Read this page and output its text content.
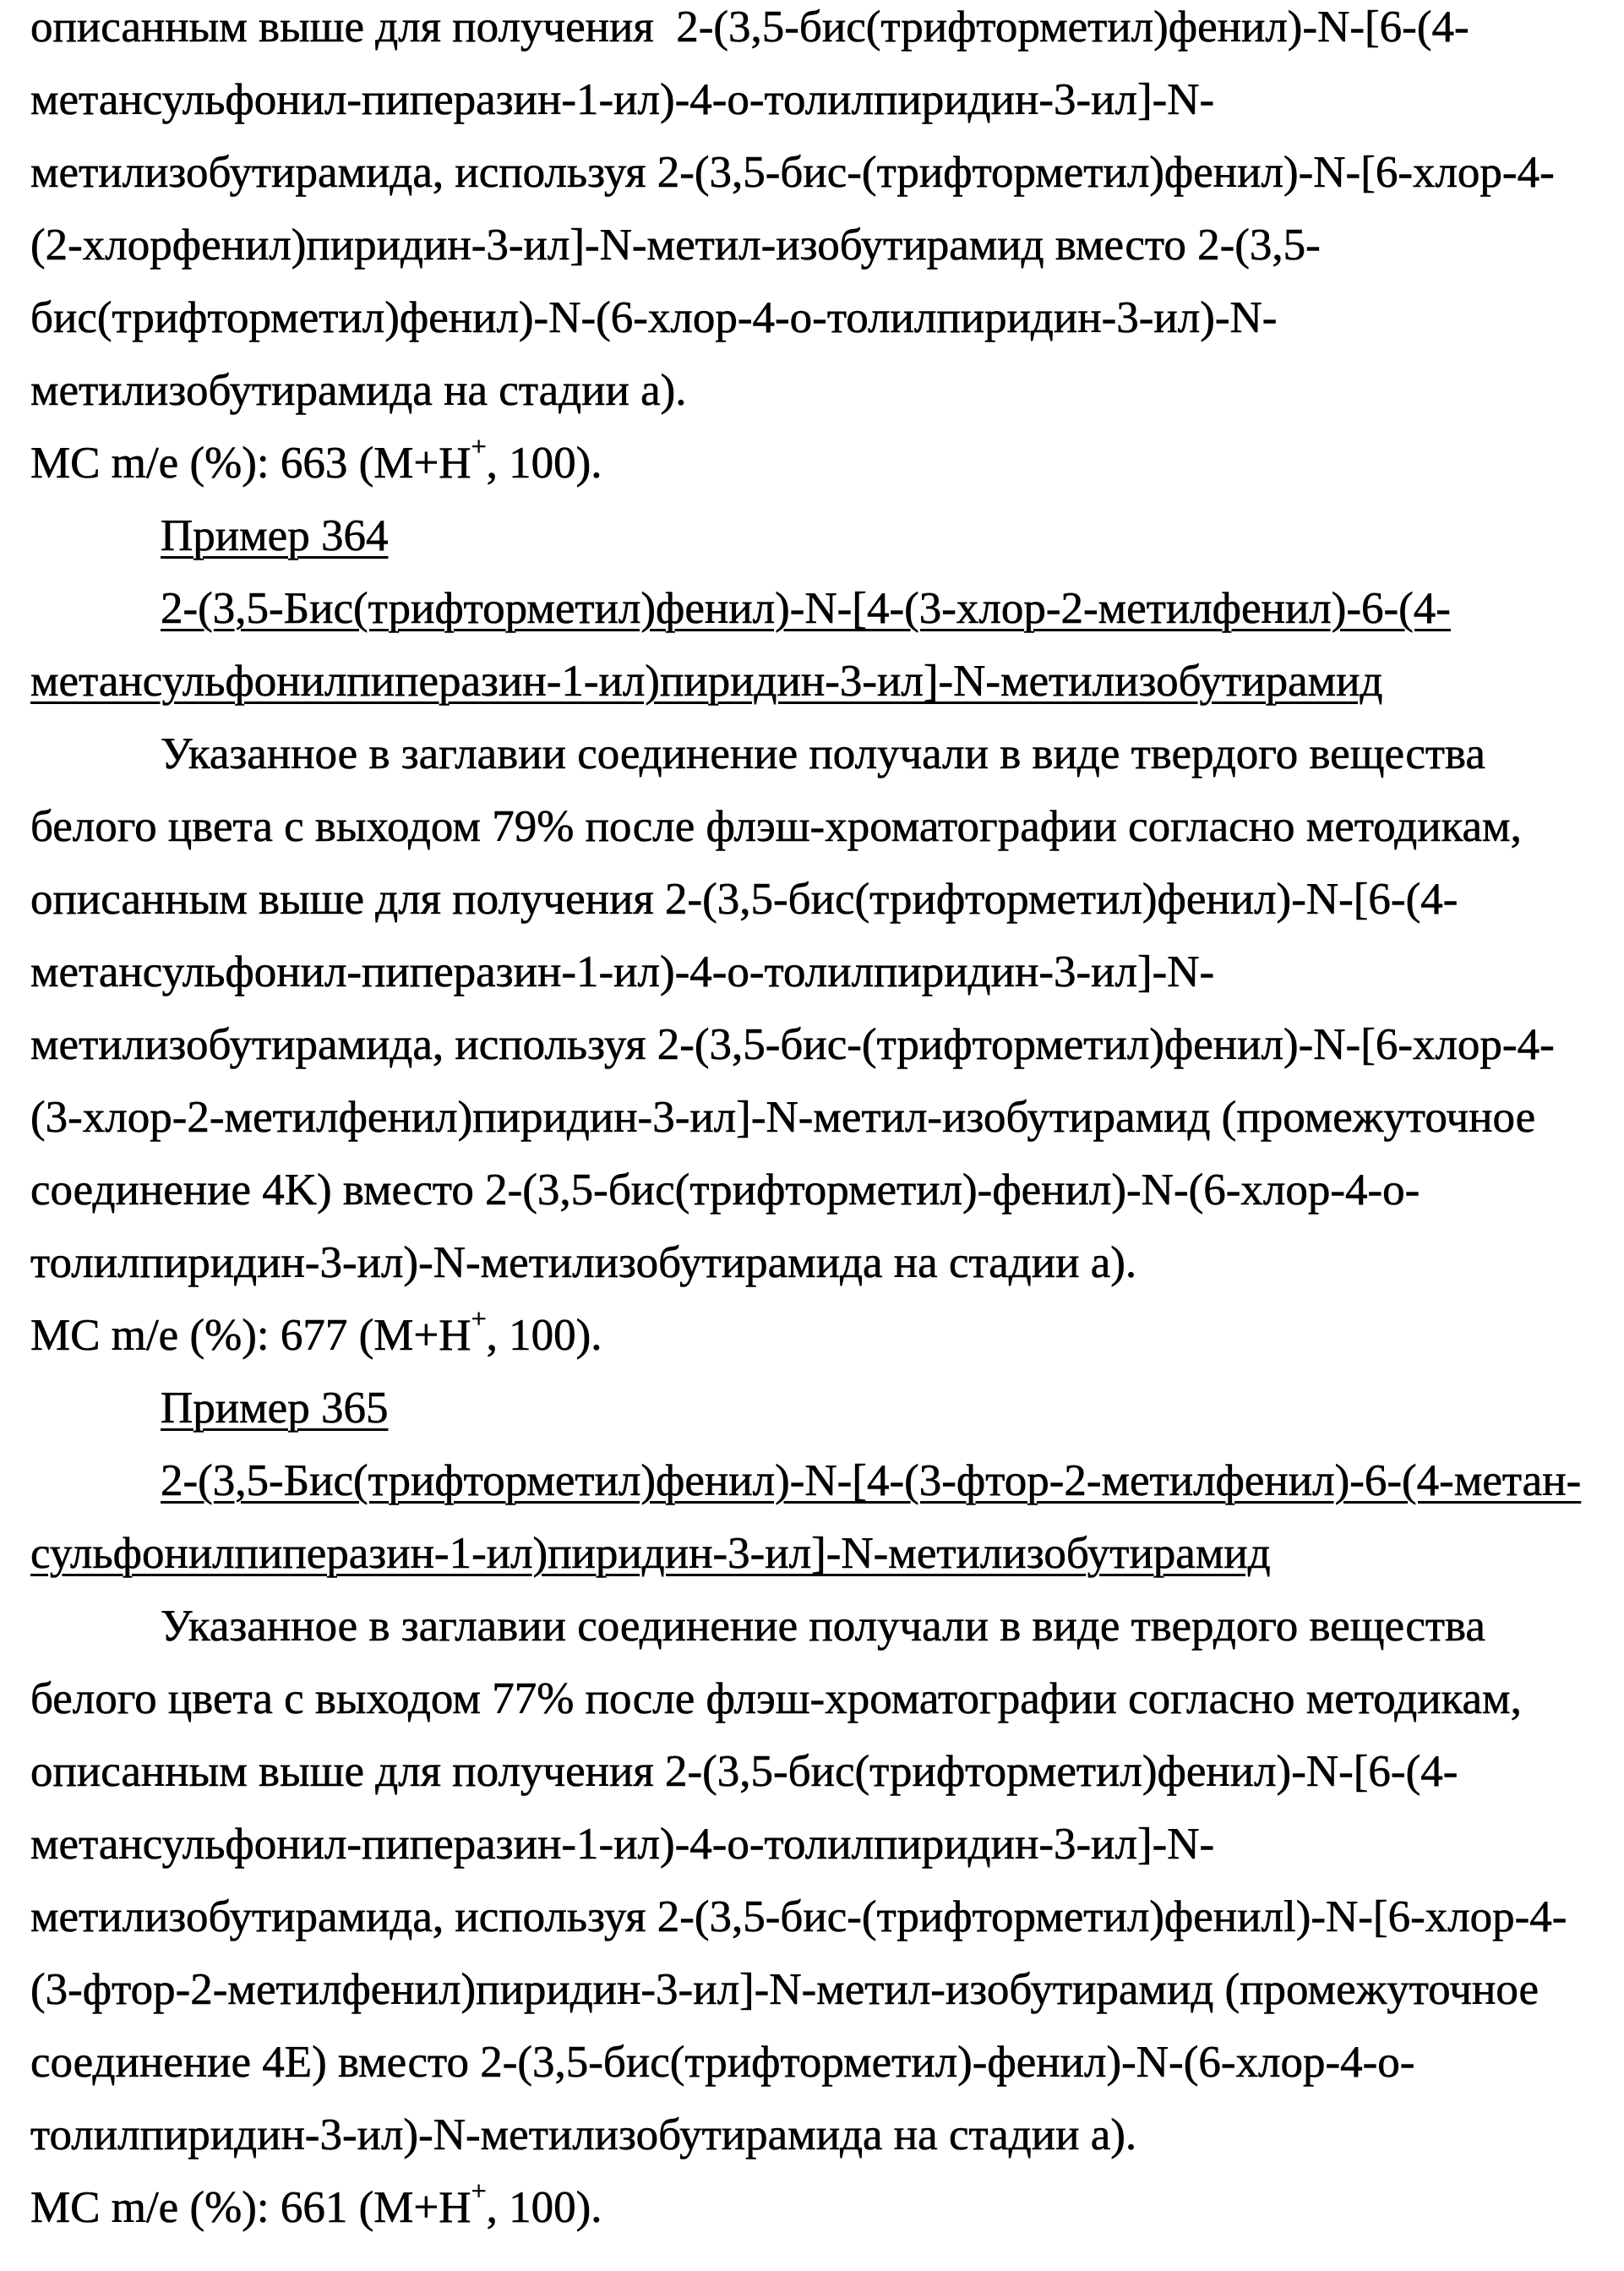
описанным выше для получения  2-(3,5-бис(трифторметил)фенил)-N-[6-(4-
метансульфонил-пиперазин-1-ил)-4-о-толилпиридин-3-ил]-N-
метилизобутирамида, используя 2-(3,5-бис-(трифторметил)фенил)-N-[6-хлор-4-
(2-хлорфенил)пиридин-3-ил]-N-метил-изобутирамид вместо 2-(3,5-
бис(трифторметил)фенил)-N-(6-хлор-4-о-толилпиридин-3-ил)-N-
метилизобутирамида на стадии а).
MC m/e (%): 663 (M+H+, 100).
Пример 364
2-(3,5-Бис(трифторметил)фенил)-N-[4-(3-хлор-2-метилфенил)-6-(4-
метансульфонилпиперазин-1-ил)пиридин-3-ил]-N-метилизобутирамид
Указанное в заглавии соединение получали в виде твердого вещества
белого цвета с выходом 79% после флэш-хроматографии согласно методикам,
описанным выше для получения 2-(3,5-бис(трифторметил)фенил)-N-[6-(4-
метансульфонил-пиперазин-1-ил)-4-о-толилпиридин-3-ил]-N-
метилизобутирамида, используя 2-(3,5-бис-(трифторметил)фенил)-N-[6-хлор-4-
(3-хлор-2-метилфенил)пиридин-3-ил]-N-метил-изобутирамид (промежуточное
соединение 4K) вместо 2-(3,5-бис(трифторметил)-фенил)-N-(6-хлор-4-о-
толилпиридин-3-ил)-N-метилизобутирамида на стадии а).
MC m/e (%): 677 (M+H+, 100).
Пример 365
2-(3,5-Бис(трифторметил)фенил)-N-[4-(3-фтор-2-метилфенил)-6-(4-метан-
сульфонилпиперазин-1-ил)пиридин-3-ил]-N-метилизобутирамид
Указанное в заглавии соединение получали в виде твердого вещества
белого цвета с выходом 77% после флэш-хроматографии согласно методикам,
описанным выше для получения 2-(3,5-бис(трифторметил)фенил)-N-[6-(4-
метансульфонил-пиперазин-1-ил)-4-о-толилпиридин-3-ил]-N-
метилизобутирамида, используя 2-(3,5-бис-(трифторметил)фенилl)-N-[6-хлор-4-
(3-фтор-2-метилфенил)пиридин-3-ил]-N-метил-изобутирамид (промежуточное
соединение 4E) вместо 2-(3,5-бис(трифторметил)-фенил)-N-(6-хлор-4-о-
толилпиридин-3-ил)-N-метилизобутирамида на стадии а).
MC m/e (%): 661 (M+H+, 100).
